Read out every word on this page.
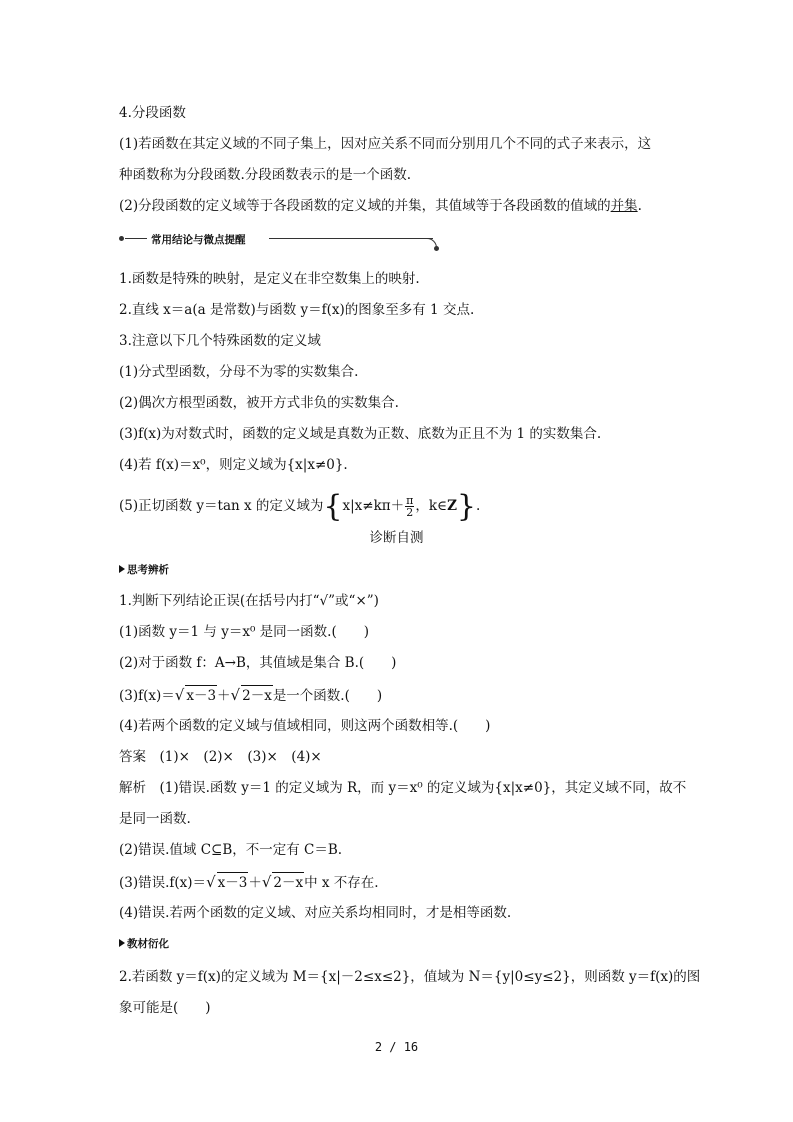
4.分段函数
(1)若函数在其定义域的不同子集上，因对应关系不同而分别用几个不同的式子来表示，这
种函数称为分段函数.分段函数表示的是一个函数.
(2)分段函数的定义域等于各段函数的定义域的并集，其值域等于各段函数的值域的并集.
常用结论与微点提醒
1.函数是特殊的映射，是定义在非空数集上的映射.
2.直线 x＝a(a 是常数)与函数 y＝f(x)的图象至多有 1 交点.
3.注意以下几个特殊函数的定义域
(1)分式型函数，分母不为零的实数集合.
(2)偶次方根型函数，被开方式非负的实数集合.
(3)f(x)为对数式时，函数的定义域是真数为正数、底数为正且不为 1 的实数集合.
(4)若 f(x)＝x⁰，则定义域为{x|x≠0}.
(5)正切函数 y＝tan x 的定义域为{$x|x\ne k\pi+ \frac{\pi}{2}$ ，k∈Z}.
诊断自测
思考辨析
1.判断下列结论正误(在括号内打“√”或“×”)
(1)函数 y＝1 与 y＝x⁰ 是同一函数.(　　)
(2)对于函数 f：A→B，其值域是集合 B.(　　)
(3)f(x)＝√ x－3＋√ 2－x是一个函数.(　　)
(4)若两个函数的定义域与值域相同，则这两个函数相等.(　　)
答案　(1)×　(2)×　(3)×　(4)×
解析　(1)错误.函数 y＝1 的定义域为 R，而 y＝x⁰ 的定义域为{x|x≠0}，其定义域不同，故不
是同一函数.
(2)错误.值域 C⊆B，不一定有 C＝B.
(3)错误.f(x)＝√ x－3＋√ 2－x中 x 不存在.
(4)错误.若两个函数的定义域、对应关系均相同时，才是相等函数.
教材衍化
2.若函数 y＝f(x)的定义域为 M＝{x|－2≤x≤2}，值域为 N＝{y|0≤y≤2}，则函数 y＝f(x)的图
象可能是(　　)
2 / 16
